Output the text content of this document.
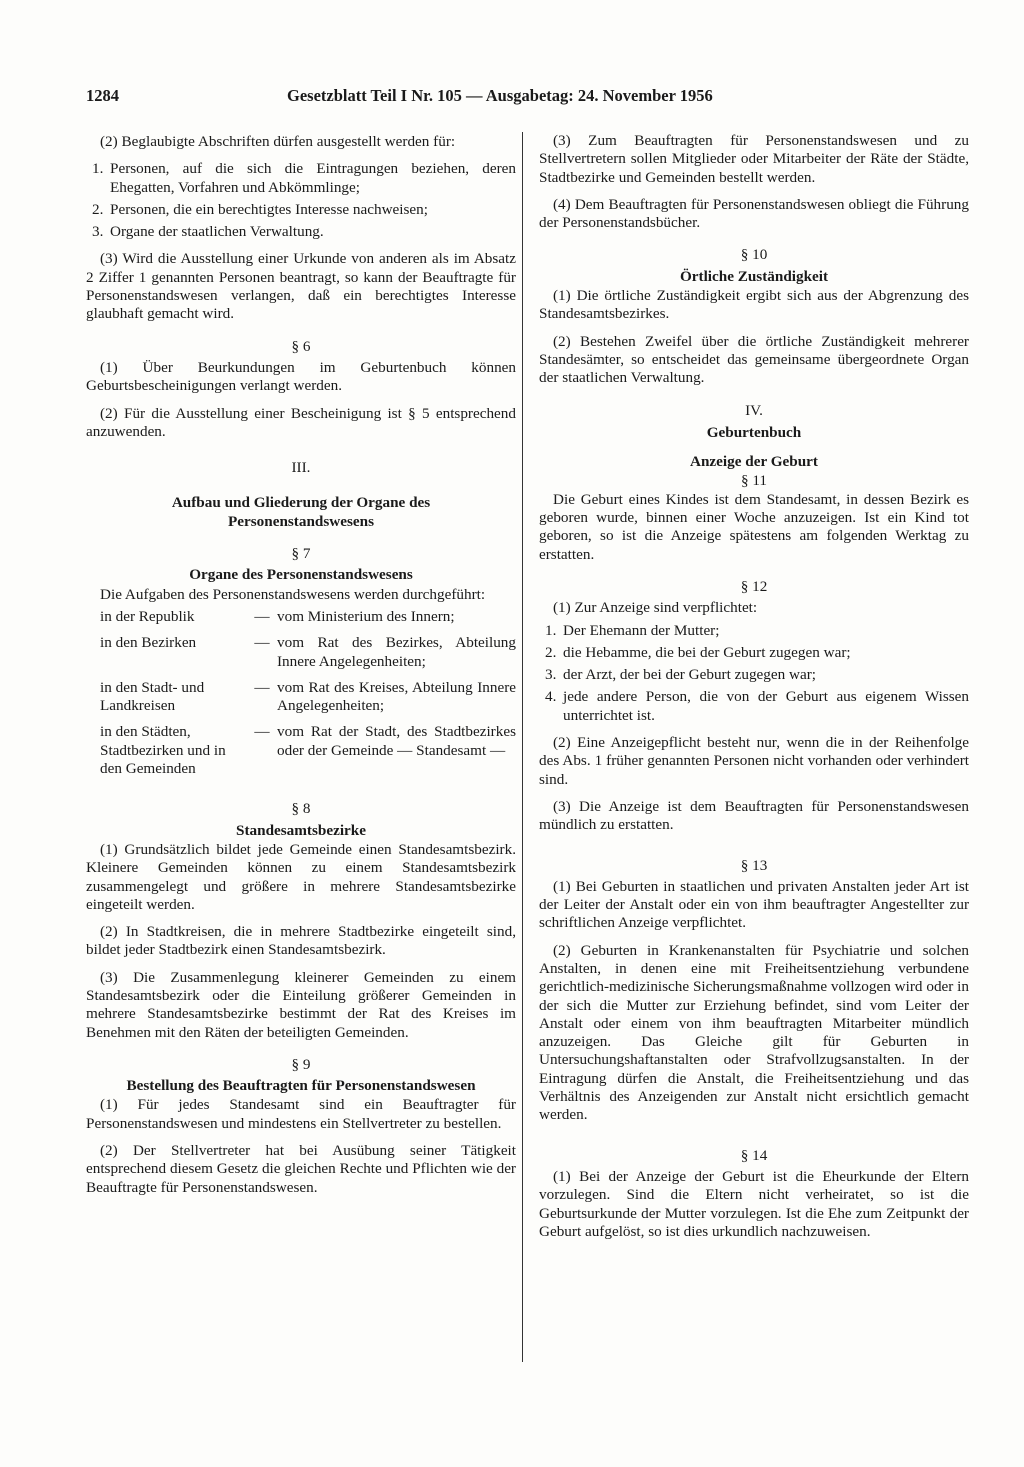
1284	Gesetzblatt Teil I Nr. 105 — Ausgabetag: 24. November 1956

(2) Beglaubigte Abschriften dürfen ausgestellt werden für:

1. Personen, auf die sich die Eintragungen beziehen, deren Ehegatten, Vorfahren und Abkömmlinge;
2. Personen, die ein berechtigtes Interesse nachweisen;
3. Organe der staatlichen Verwaltung.

(3) Wird die Ausstellung einer Urkunde von anderen als im Absatz 2 Ziffer 1 genannten Personen beantragt, so kann der Beauftragte für Personenstandswesen verlangen, daß ein berechtigtes Interesse glaubhaft gemacht wird.

§ 6

(1) Über Beurkundungen im Geburtenbuch können Geburtsbescheinigungen verlangt werden.

(2) Für die Ausstellung einer Bescheinigung ist § 5 entsprechend anzuwenden.

III.
Aufbau und Gliederung der Organe des Personenstandswesens
§ 7
Organe des Personenstandswesens

Die Aufgaben des Personenstandswesens werden durchgeführt:

in der Republik	—	vom Ministerium des Innern;
in den Bezirken	—	vom Rat des Bezirkes, Abteilung Innere Angelegenheiten;
in den Stadt- und Landkreisen	—	vom Rat des Kreises, Abteilung Innere Angelegenheiten;
in den Städten, Stadtbezirken und in den Gemeinden	—	vom Rat der Stadt, des Stadtbezirkes oder der Gemeinde — Standesamt —
§ 8
Standesamtsbezirke

(1) Grundsätzlich bildet jede Gemeinde einen Standesamtsbezirk. Kleinere Gemeinden können zu einem Standesamtsbezirk zusammengelegt und größere in mehrere Standesamtsbezirke eingeteilt werden.

(2) In Stadtkreisen, die in mehrere Stadtbezirke eingeteilt sind, bildet jeder Stadtbezirk einen Standesamtsbezirk.

(3) Die Zusammenlegung kleinerer Gemeinden zu einem Standesamtsbezirk oder die Einteilung größerer Gemeinden in mehrere Standesamtsbezirke bestimmt der Rat des Kreises im Benehmen mit den Räten der beteiligten Gemeinden.

§ 9
Bestellung des Beauftragten für Personenstandswesen

(1) Für jedes Standesamt sind ein Beauftragter für Personenstandswesen und mindestens ein Stellvertreter zu bestellen.

(2) Der Stellvertreter hat bei Ausübung seiner Tätigkeit entsprechend diesem Gesetz die gleichen Rechte und Pflichten wie der Beauftragte für Personenstandswesen.

(3) Zum Beauftragten für Personenstandswesen und zu Stellvertretern sollen Mitglieder oder Mitarbeiter der Räte der Städte, Stadtbezirke und Gemeinden bestellt werden.

(4) Dem Beauftragten für Personenstandswesen obliegt die Führung der Personenstandsbücher.

§ 10
Örtliche Zuständigkeit

(1) Die örtliche Zuständigkeit ergibt sich aus der Abgrenzung des Standesamtsbezirkes.

(2) Bestehen Zweifel über die örtliche Zuständigkeit mehrerer Standesämter, so entscheidet das gemeinsame übergeordnete Organ der staatlichen Verwaltung.

IV.
Geburtenbuch
Anzeige der Geburt
§ 11

Die Geburt eines Kindes ist dem Standesamt, in dessen Bezirk es geboren wurde, binnen einer Woche anzuzeigen. Ist ein Kind tot geboren, so ist die Anzeige spätestens am folgenden Werktag zu erstatten.

§ 12

(1) Zur Anzeige sind verpflichtet:

1. Der Ehemann der Mutter;
2. die Hebamme, die bei der Geburt zugegen war;
3. der Arzt, der bei der Geburt zugegen war;
4. jede andere Person, die von der Geburt aus eigenem Wissen unterrichtet ist.

(2) Eine Anzeigepflicht besteht nur, wenn die in der Reihenfolge des Abs. 1 früher genannten Personen nicht vorhanden oder verhindert sind.

(3) Die Anzeige ist dem Beauftragten für Personenstandswesen mündlich zu erstatten.

§ 13

(1) Bei Geburten in staatlichen und privaten Anstalten jeder Art ist der Leiter der Anstalt oder ein von ihm beauftragter Angestellter zur schriftlichen Anzeige verpflichtet.

(2) Geburten in Krankenanstalten für Psychiatrie und solchen Anstalten, in denen eine mit Freiheitsentziehung verbundene gerichtlich-medizinische Sicherungsmaßnahme vollzogen wird oder in der sich die Mutter zur Erziehung befindet, sind vom Leiter der Anstalt oder einem von ihm beauftragten Mitarbeiter mündlich anzuzeigen. Das Gleiche gilt für Geburten in Untersuchungshaftanstalten oder Strafvollzugsanstalten. In der Eintragung dürfen die Anstalt, die Freiheitsentziehung und das Verhältnis des Anzeigenden zur Anstalt nicht ersichtlich gemacht werden.

§ 14

(1) Bei der Anzeige der Geburt ist die Eheurkunde der Eltern vorzulegen. Sind die Eltern nicht verheiratet, so ist die Geburtsurkunde der Mutter vorzulegen. Ist die Ehe zum Zeitpunkt der Geburt aufgelöst, so ist dies urkundlich nachzuweisen.
